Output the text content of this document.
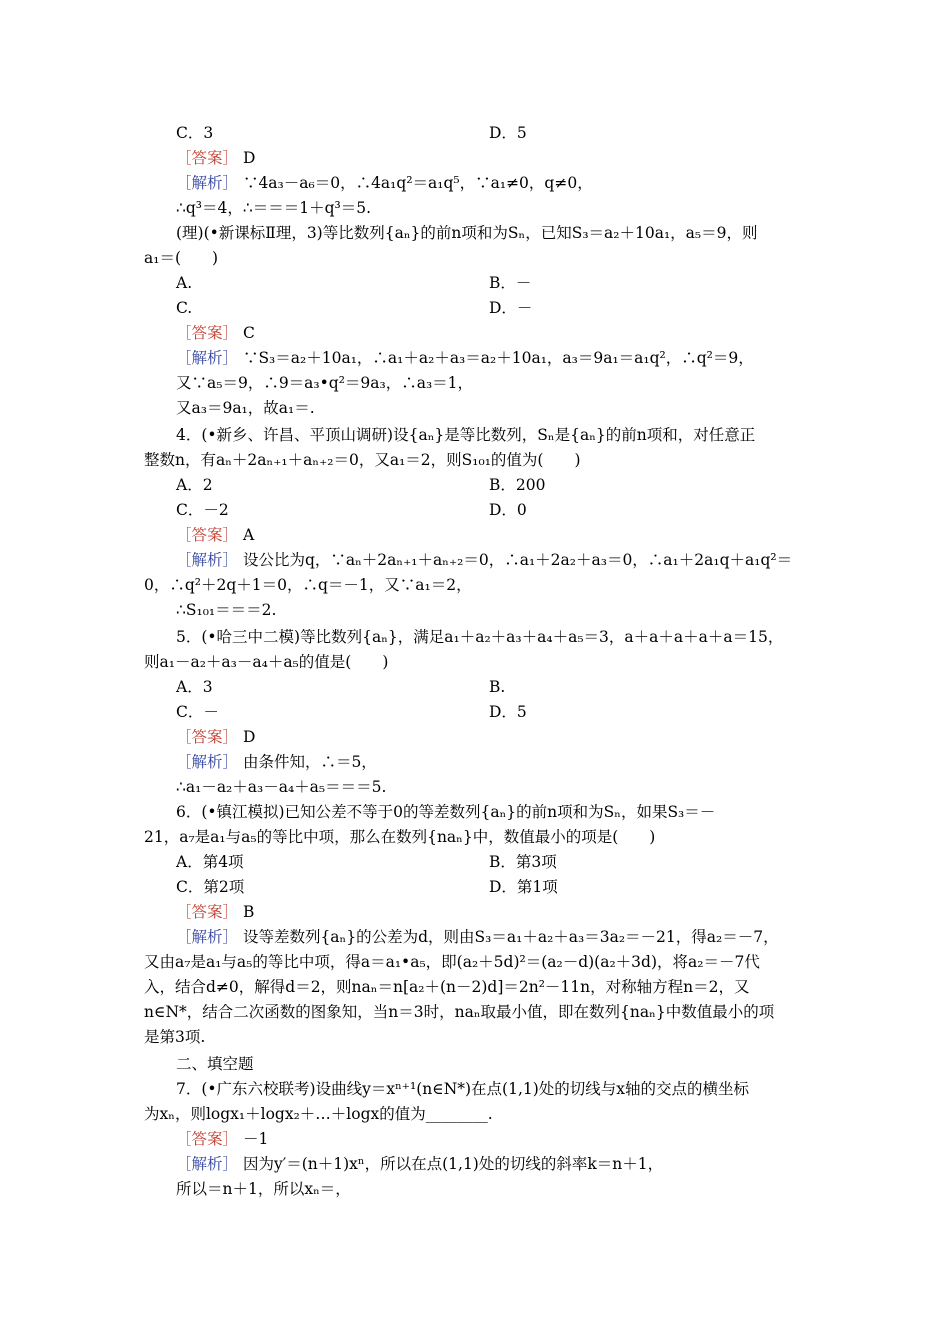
C．3	D．5
［答案］ D
［解析］ ∵4a₃－a₆＝0，∴4a₁q²＝a₁q⁵，∵a₁≠0，q≠0，
∴q³＝4，∴＝＝＝1＋q³＝5.
(理)(•新课标Ⅱ理，3)等比数列{aₙ}的前n项和为Sₙ，已知S₃＝a₂＋10a₁，a₅＝9，则
a₁＝(　　)
A.	B．－
C.	D．－
［答案］ C
［解析］ ∵S₃＝a₂＋10a₁，∴a₁＋a₂＋a₃＝a₂＋10a₁，a₃＝9a₁＝a₁q²，∴q²＝9，
又∵a₅＝9，∴9＝a₃•q²＝9a₃，∴a₃＝1，
又a₃＝9a₁，故a₁＝.
4．(•新乡、许昌、平顶山调研)设{aₙ}是等比数列，Sₙ是{aₙ}的前n项和，对任意正
整数n，有aₙ＋2aₙ₊₁＋aₙ₊₂＝0，又a₁＝2，则S₁₀₁的值为(　　)
A．2	B．200
C．－2	D．0
［答案］ A
［解析］ 设公比为q，∵aₙ＋2aₙ₊₁＋aₙ₊₂＝0，∴a₁＋2a₂＋a₃＝0，∴a₁＋2a₁q＋a₁q²＝
0，∴q²＋2q＋1＝0，∴q＝－1，又∵a₁＝2，
∴S₁₀₁＝＝＝2.
5．(•哈三中二模)等比数列{aₙ}，满足a₁＋a₂＋a₃＋a₄＋a₅＝3，a＋a＋a＋a＋a＝15，
则a₁－a₂＋a₃－a₄＋a₅的值是(　　)
A．3	B.
C．－	D．5
［答案］ D
［解析］ 由条件知，∴＝5，
∴a₁－a₂＋a₃－a₄＋a₅＝＝＝5.
6．(•镇江模拟)已知公差不等于0的等差数列{aₙ}的前n项和为Sₙ，如果S₃＝－
21，a₇是a₁与a₅的等比中项，那么在数列{naₙ}中，数值最小的项是(　　)
A．第4项	B．第3项
C．第2项	D．第1项
［答案］ B
［解析］ 设等差数列{aₙ}的公差为d，则由S₃＝a₁＋a₂＋a₃＝3a₂＝－21，得a₂＝－7，
又由a₇是a₁与a₅的等比中项，得a＝a₁•a₅，即(a₂＋5d)²＝(a₂－d)(a₂＋3d)，将a₂＝－7代
入，结合d≠0，解得d＝2，则naₙ＝n[a₂＋(n－2)d]＝2n²－11n，对称轴方程n＝2，又
n∈N*，结合二次函数的图象知，当n＝3时，naₙ取最小值，即在数列{naₙ}中数值最小的项
是第3项.
二、填空题
7．(•广东六校联考)设曲线y＝xⁿ⁺¹(n∈N*)在点(1,1)处的切线与x轴的交点的横坐标
为xₙ，则logx₁＋logx₂＋…＋logx的值为________.
［答案］ －1
［解析］ 因为y′＝(n＋1)xⁿ，所以在点(1,1)处的切线的斜率k＝n＋1，
所以＝n＋1，所以xₙ＝，
